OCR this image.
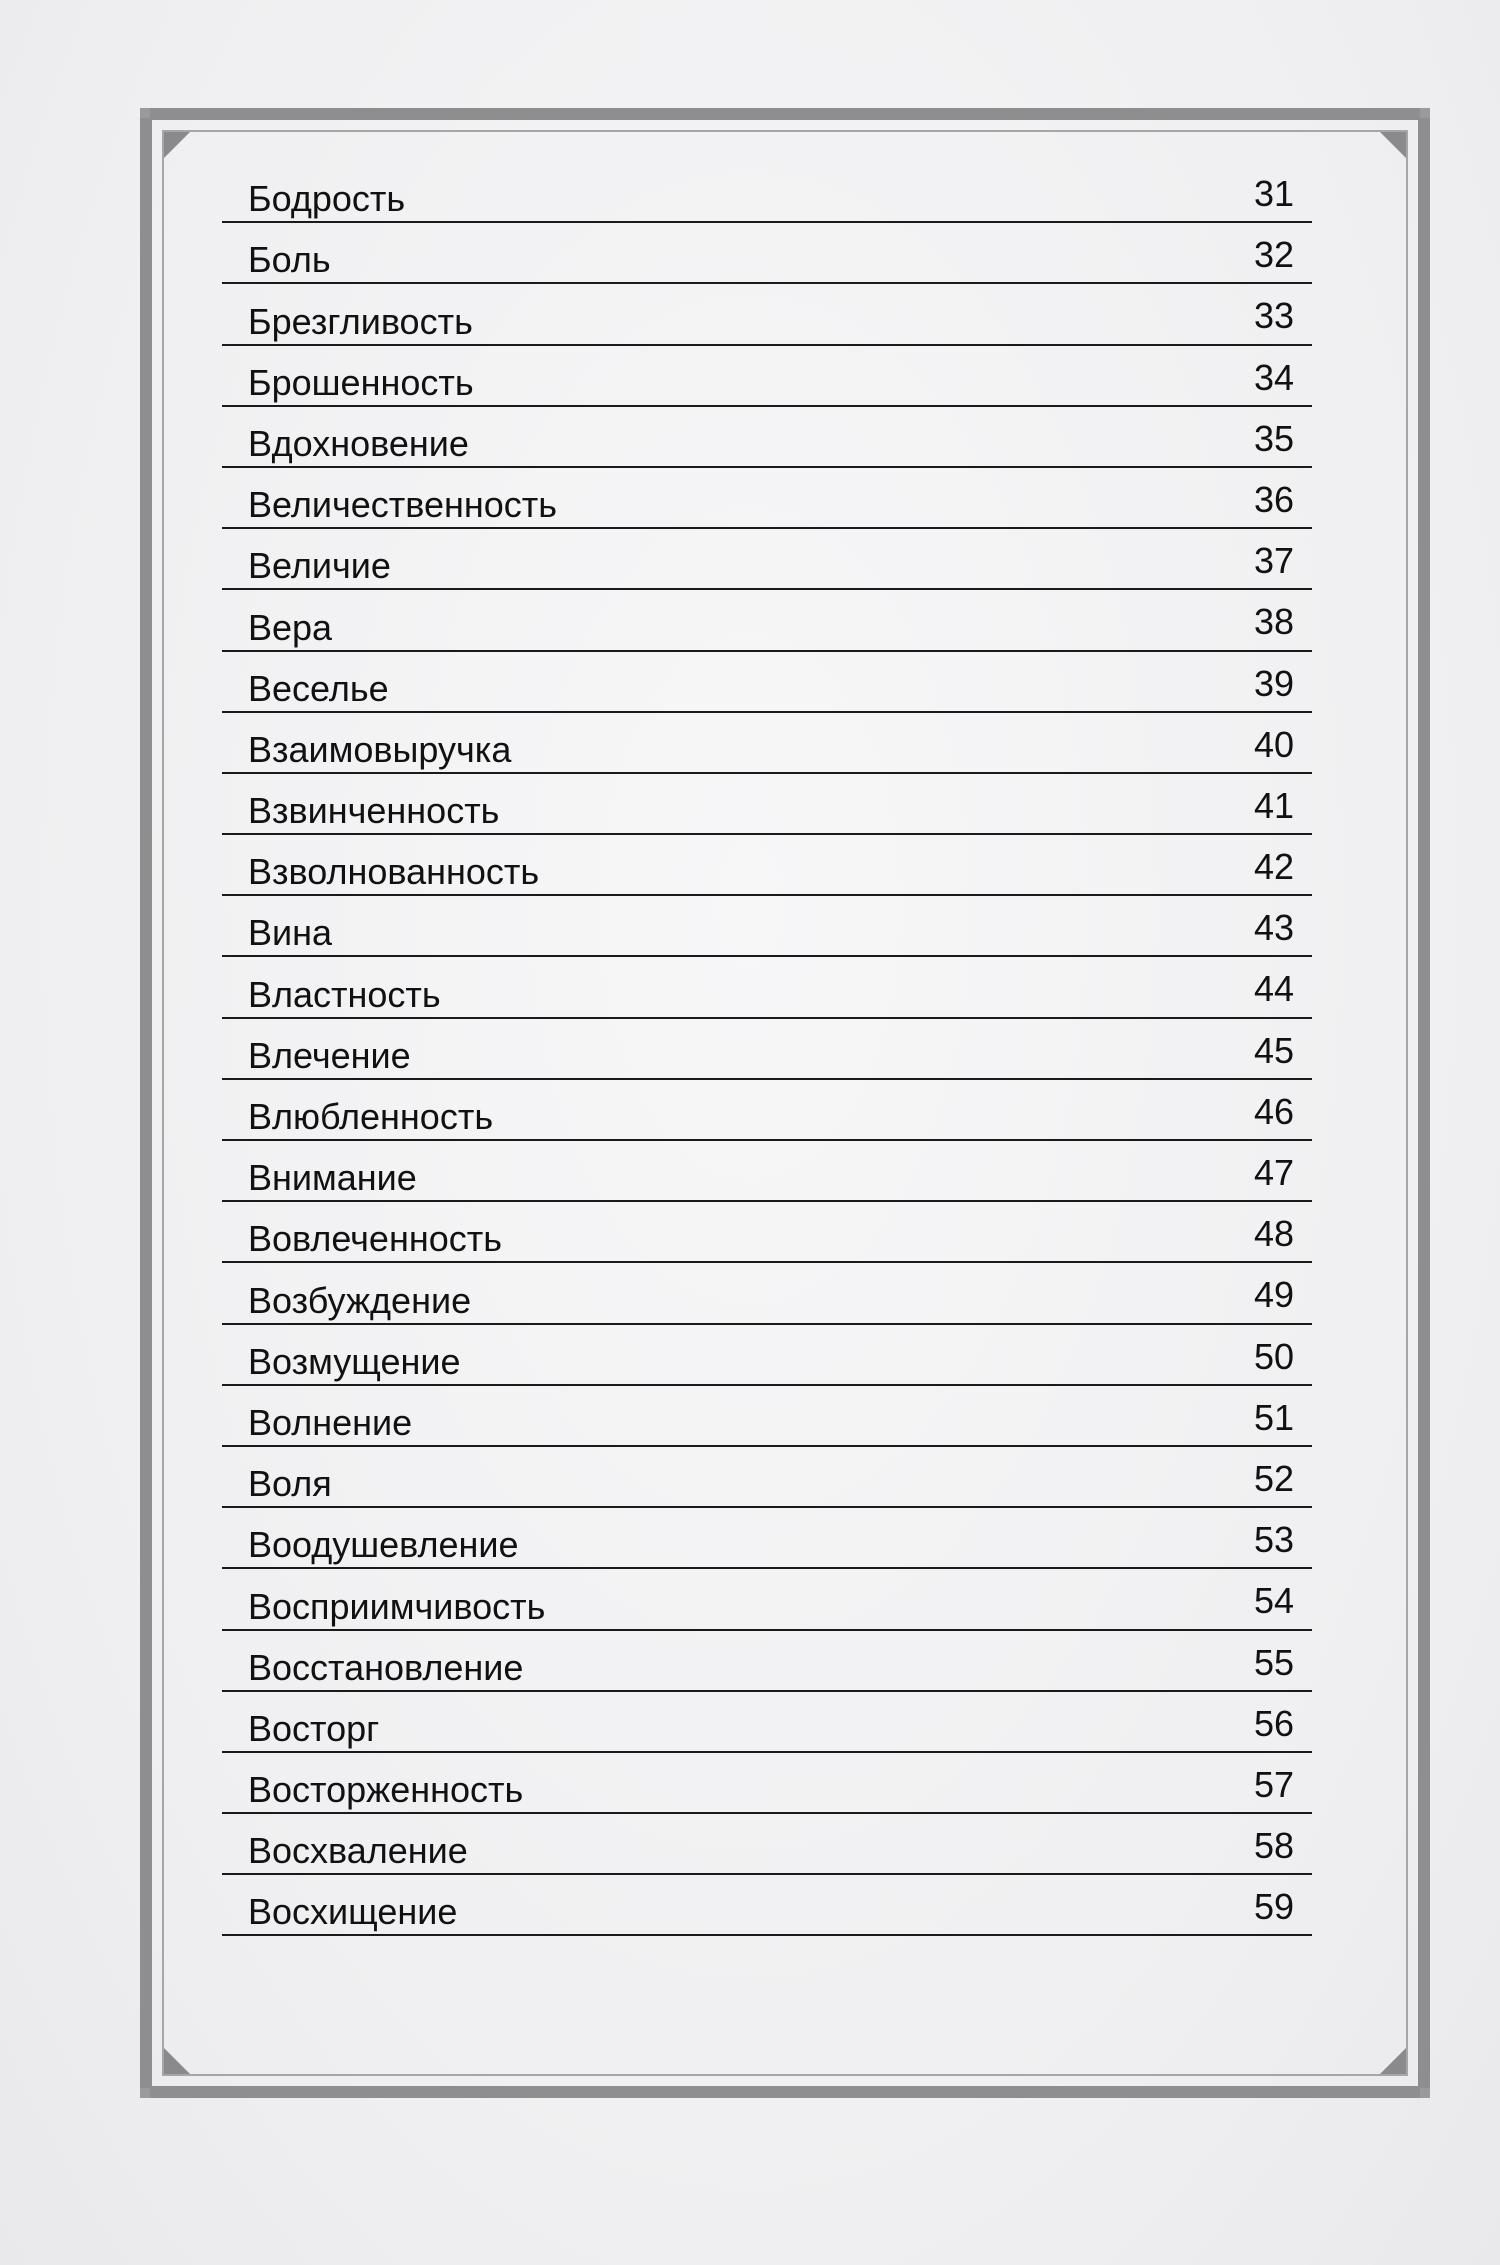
Бодрость	31
Боль	32
Брезгливость	33
Брошенность	34
Вдохновение	35
Величественность	36
Величие	37
Вера	38
Веселье	39
Взаимовыручка	40
Взвинченность	41
Взволнованность	42
Вина	43
Властность	44
Влечение	45
Влюбленность	46
Внимание	47
Вовлеченность	48
Возбуждение	49
Возмущение	50
Волнение	51
Воля	52
Воодушевление	53
Восприимчивость	54
Восстановление	55
Восторг	56
Восторженность	57
Восхваление	58
Восхищение	59
